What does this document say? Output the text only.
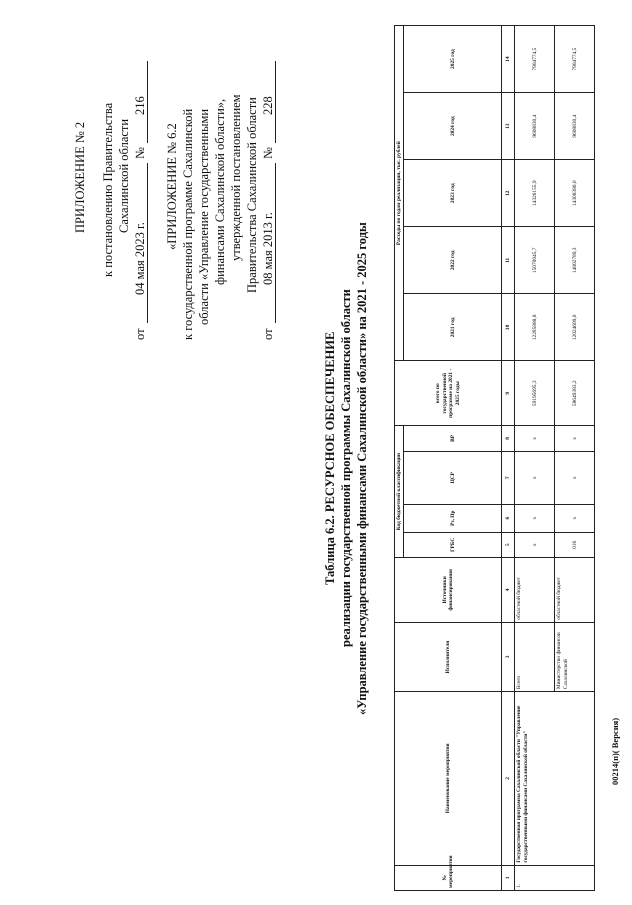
ПРИЛОЖЕНИЕ № 2 к постановлению Правительства Сахалинской области
от
04 мая 2023 г.
№
216
«ПРИЛОЖЕНИЕ № 6.2 к государственной программе Сахалинской области «Управление государственными финансами Сахалинской области», утвержденной постановлением Правительства Сахалинской области
от
08 мая 2013 г.
№
228
Таблица 6.2. РЕСУРСНОЕ ОБЕСПЕЧЕНИЕ реализации государственной программы Сахалинской области «Управление государственными финансами Сахалинской области» на 2021 - 2025 годы
№ мероприятия	Наименование мероприятия	Исполнители	Источники финансирования	Код бюджетной классификации				всего по государственной программе на 2021 - 2025 годы	Расходы по годам реализации, тыс. рублей				
				ГРБС	Рз, Пр	ЦСР	ВР		2021 год	2022 год	2023 год	2024 год	2025 год
1	2	3	4	5	6	7	8	9	10	11	12	13	14
1.	Государственная программа Сахалинской области "Управление государственными финансами Сахалинской области"	Всего	областной бюджет	х	х	х	х	59195695,3	12285888,8	15070045,7	14326155,9	9608830,4	7904774,5
		Министерство финансов Сахалинской	областной бюджет	016	х	х	х	58649383,2	12024609,0	14802789,3	14308380,0	9608830,4	7904774,5
00214(п)( Версия)
